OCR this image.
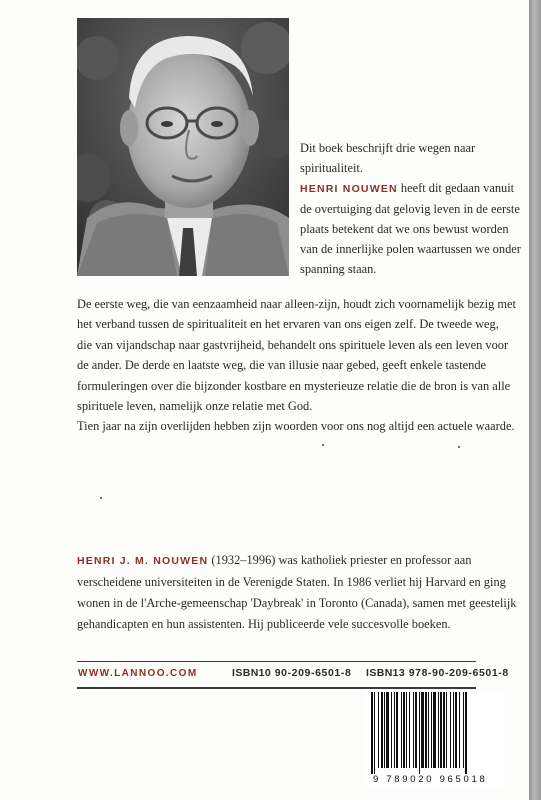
Dit boek beschrijft drie wegen naar spiritualiteit.

HENRI NOUWEN heeft dit gedaan vanuit de overtuiging dat gelovig leven in de eerste plaats betekent dat we ons bewust worden van de innerlijke polen waartussen we onder spanning staan.

De eerste weg, die van eenzaamheid naar alleen-zijn, houdt zich voornamelijk bezig met het verband tussen de spiritualiteit en het ervaren van ons eigen zelf. De tweede weg, die van vijandschap naar gastvrijheid, behandelt ons spirituele leven als een leven voor de ander. De derde en laatste weg, die van illusie naar gebed, geeft enkele tastende formuleringen over die bijzonder kostbare en mysterieuze relatie die de bron is van alle spirituele leven, namelijk onze relatie met God.

Tien jaar na zijn overlijden hebben zijn woorden voor ons nog altijd een actuele waarde.

HENRI J. M. NOUWEN (1932–1996) was katholiek priester en professor aan verscheidene universiteiten in de Verenigde Staten. In 1986 verliet hij Harvard en ging wonen in de l'Arche-gemeenschap 'Daybreak' in Toronto (Canada), samen met geestelijk gehandicapten en hun assistenten. Hij publiceerde vele succesvolle boeken.

WWW.LANNOO.COM	ISBN10 90-209-6501-8 ISBN13 978-90-209-6501-8
9 789020 965018
